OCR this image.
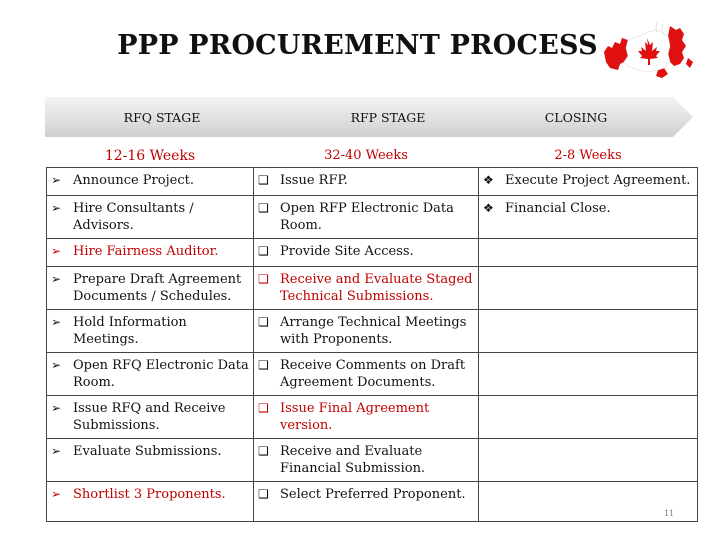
PPP PROCUREMENT PROCESS
RFQ STAGE	RFP STAGE	CLOSING
12-16 Weeks	32-40 Weeks	2-8 Weeks

➢ Announce Project.	❑ Issue RFP.	❖ Execute Project Agreement.

➢ Hire Consultants / Advisors.	❑ Open RFP Electronic Data Room.	❖ Financial Close.

➢ Hire Fairness Auditor.	❑ Provide Site Access.	

➢ Prepare Draft Agreement Documents / Schedules.	❑ Receive and Evaluate Staged Technical Submissions.	

➢ Hold Information Meetings.	❑ Arrange Technical Meetings with Proponents.	

➢ Open RFQ Electronic Data Room.	❑ Receive Comments on Draft Agreement Documents.	

➢ Issue RFQ and Receive Submissions.	❑ Issue Final Agreement version.	

➢ Evaluate Submissions.	❑ Receive and Evaluate Financial Submission.	

➢ Shortlist 3 Proponents.	❑ Select Preferred Proponent.	

11
